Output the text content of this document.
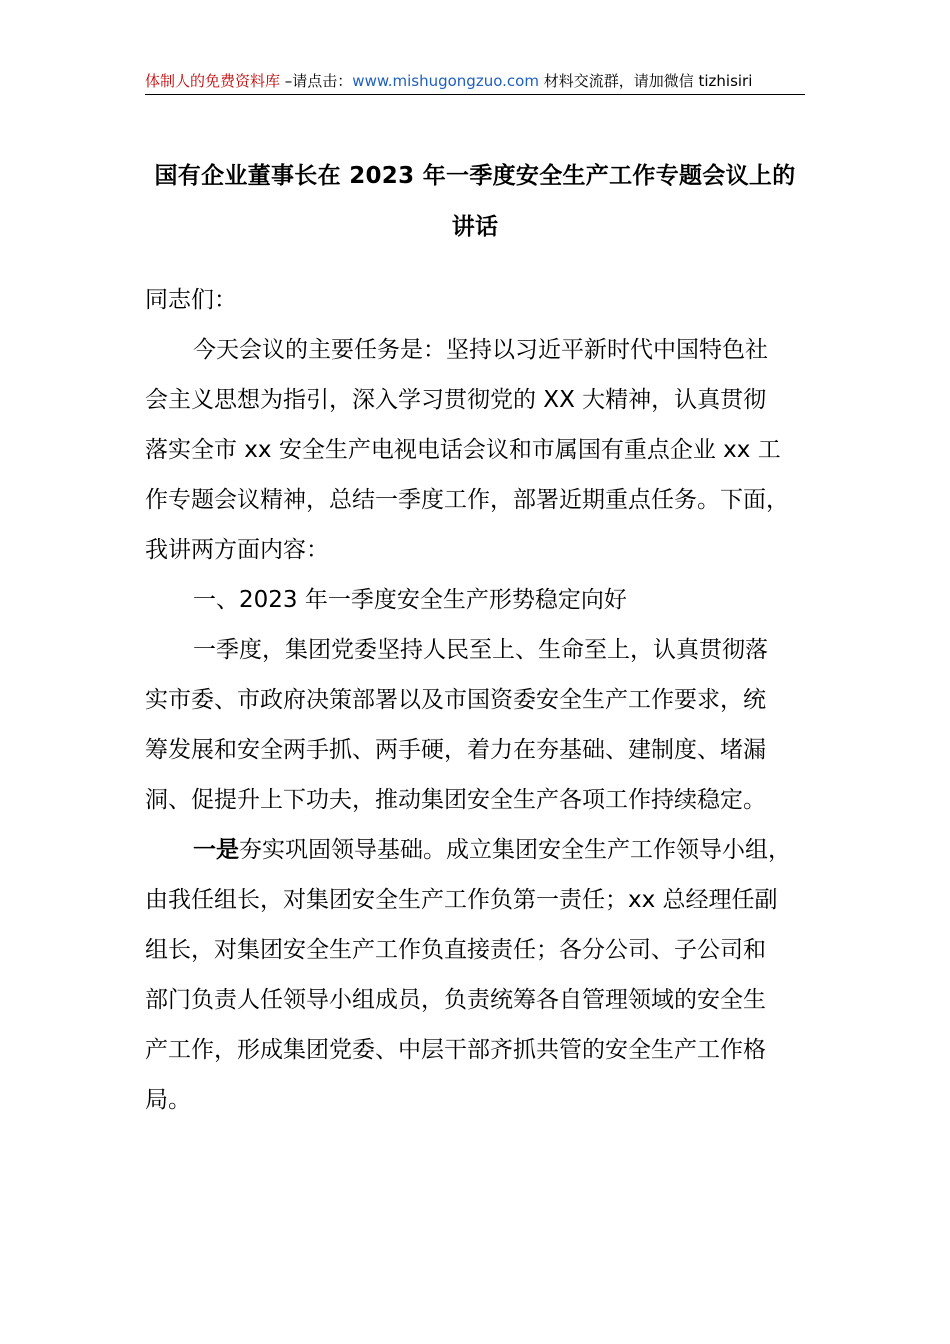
体制人的免费资料库 –请点击：www.mishugongzuo.com 材料交流群，请加微信 tizhisiri
国有企业董事长在 2023 年一季度安全生产工作专题会议上的
讲话
同志们：
今天会议的主要任务是：坚持以习近平新时代中国特色社
会主义思想为指引，深入学习贯彻党的 XX 大精神，认真贯彻
落实全市 xx 安全生产电视电话会议和市属国有重点企业 xx 工
作专题会议精神，总结一季度工作，部署近期重点任务。下面，
我讲两方面内容：
一、2023 年一季度安全生产形势稳定向好
一季度，集团党委坚持人民至上、生命至上，认真贯彻落
实市委、市政府决策部署以及市国资委安全生产工作要求，统
筹发展和安全两手抓、两手硬，着力在夯基础、建制度、堵漏
洞、促提升上下功夫，推动集团安全生产各项工作持续稳定。
一是夯实巩固领导基础。成立集团安全生产工作领导小组，
由我任组长，对集团安全生产工作负第一责任；xx 总经理任副
组长，对集团安全生产工作负直接责任；各分公司、子公司和
部门负责人任领导小组成员，负责统筹各自管理领域的安全生
产工作，形成集团党委、中层干部齐抓共管的安全生产工作格
局。
